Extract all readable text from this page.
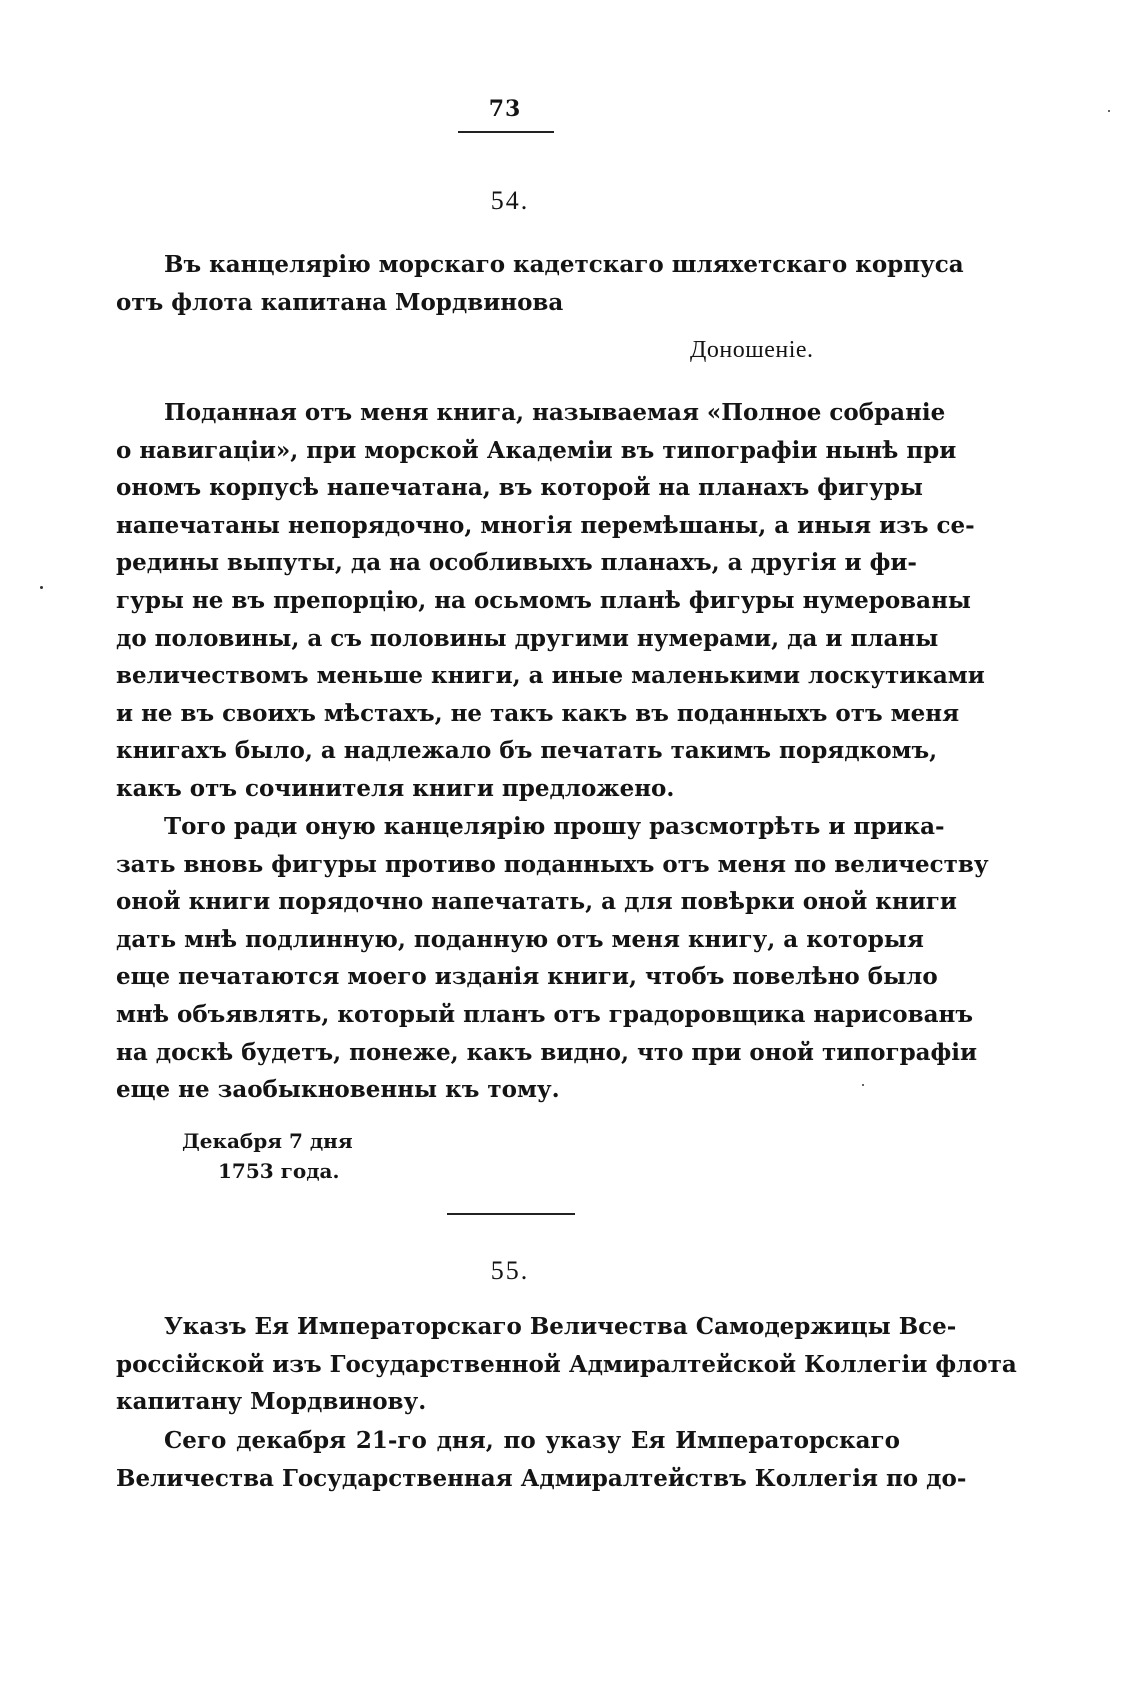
73
54.
Въ канцелярію морскаго кадетскаго шляхетскаго корпуса
отъ флота капитана Мордвинова
Доношеніе.
Поданная отъ меня книга, называемая «Полное собраніе
о навигаціи», при морской Академіи въ типографіи нынѣ при
ономъ корпусѣ напечатана, въ которой на планахъ фигуры
напечатаны непорядочно, многія перемѣшаны, а иныя изъ се-
редины выпуты, да на особливыхъ планахъ, а другія и фи-
гуры не въ препорцію, на осьмомъ планѣ фигуры нумерованы
до половины, а съ половины другими нумерами, да и планы
величествомъ меньше книги, а иные маленькими лоскутиками
и не въ своихъ мѣстахъ, не такъ какъ въ поданныхъ отъ меня
книгахъ было, а надлежало бъ печатать такимъ порядкомъ,
какъ отъ сочинителя книги предложено.
Того ради оную канцелярію прошу разсмотрѣть и прика-
зать вновь фигуры противо поданныхъ отъ меня по величеству
оной книги порядочно напечатать, а для повѣрки оной книги
дать мнѣ подлинную, поданную отъ меня книгу, а которыя
еще печатаются моего изданія книги, чтобъ повелѣно было
мнѣ объявлять, который планъ отъ градоровщика нарисованъ
на доскѣ будетъ, понеже, какъ видно, что при оной типографіи
еще не заобыкновенны къ тому.
Декабря 7 дня
1753 года.
55.
Указъ Ея Императорскаго Величества Самодержицы Все-
россійской изъ Государственной Адмиралтейской Коллегіи флота
капитану Мордвинову.
Сего декабря 21-го дня, по указу Ея Императорскаго
Величества Государственная Адмиралтействъ Коллегія по до-
